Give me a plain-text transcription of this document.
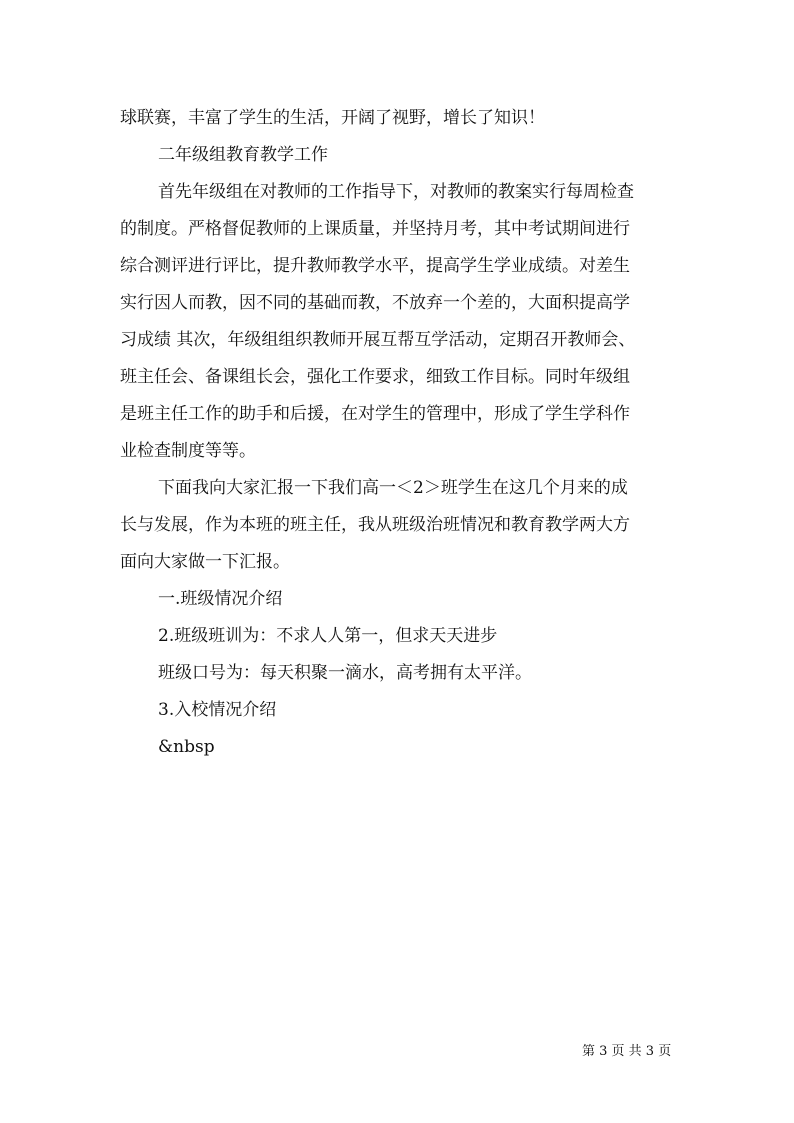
球联赛，丰富了学生的生活，开阔了视野，增长了知识！
二年级组教育教学工作
首先年级组在对教师的工作指导下，对教师的教案实行每周检查
的制度。严格督促教师的上课质量，并坚持月考，其中考试期间进行
综合测评进行评比，提升教师教学水平，提高学生学业成绩。对差生
实行因人而教，因不同的基础而教，不放弃一个差的，大面积提高学
习成绩 其次，年级组组织教师开展互帮互学活动，定期召开教师会、
班主任会、备课组长会，强化工作要求，细致工作目标。同时年级组
是班主任工作的助手和后援，在对学生的管理中，形成了学生学科作
业检查制度等等。
下面我向大家汇报一下我们高一＜2＞班学生在这几个月来的成
长与发展，作为本班的班主任，我从班级治班情况和教育教学两大方
面向大家做一下汇报。
一.班级情况介绍
2.班级班训为：不求人人第一，但求天天进步
班级口号为：每天积聚一滴水，高考拥有太平洋。
3.入校情况介绍
&nbsp
第 3 页 共 3 页
